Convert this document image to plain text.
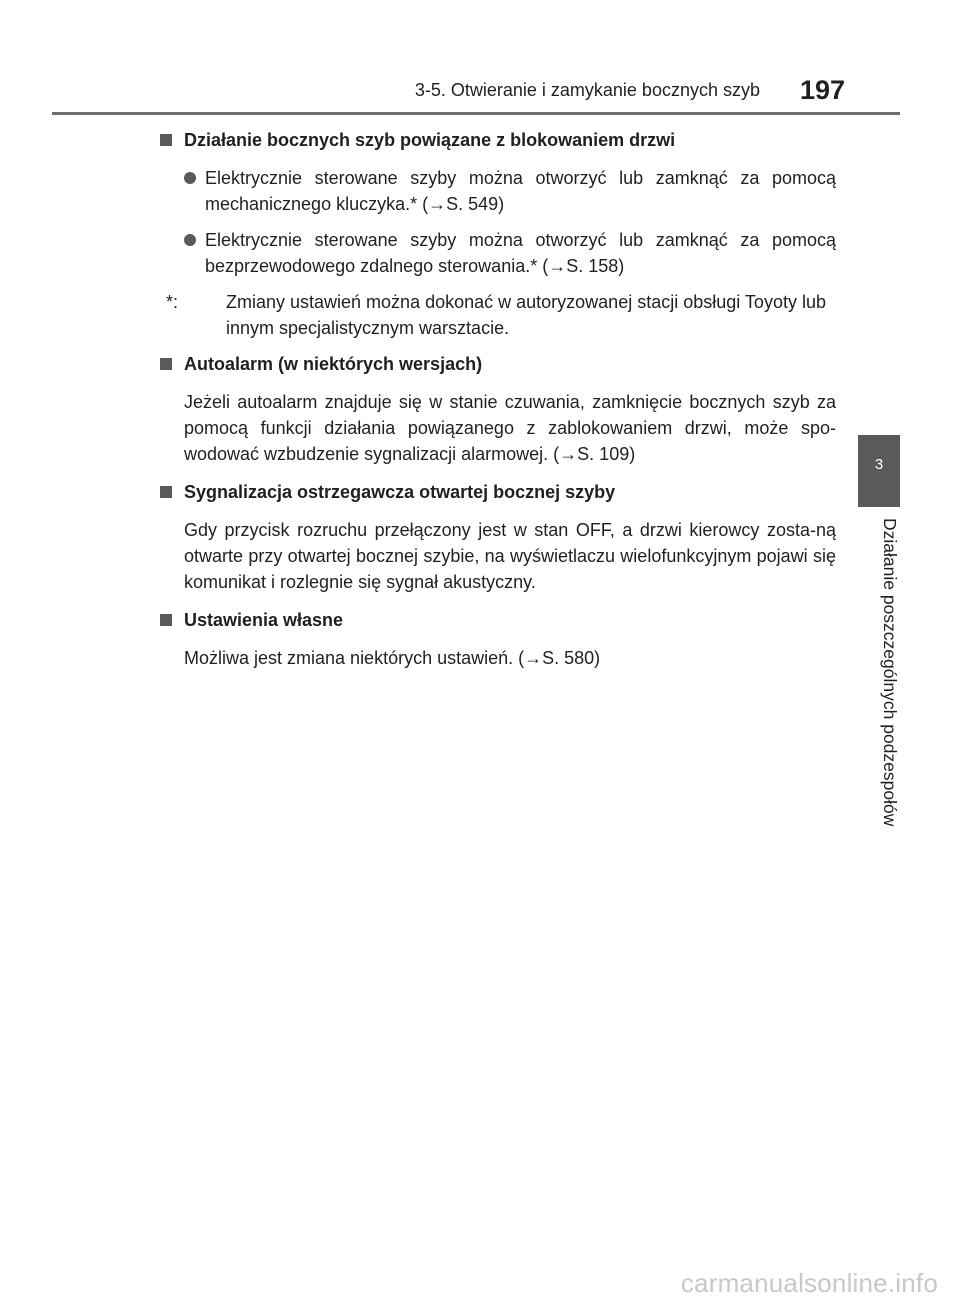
3-5. Otwieranie i zamykanie bocznych szyb 197
3
Działanie poszczególnych podzespołów
Działanie bocznych szyb powiązane z blokowaniem drzwi
Elektrycznie sterowane szyby można otworzyć lub zamknąć za pomocą mechanicznego kluczyka.* (→S. 549)
Elektrycznie sterowane szyby można otworzyć lub zamknąć za pomocą bezprzewodowego zdalnego sterowania.* (→S. 158)
*:	Zmiany ustawień można dokonać w autoryzowanej stacji obsługi Toyoty lub innym specjalistycznym warsztacie.
Autoalarm (w niektórych wersjach)
Jeżeli autoalarm znajduje się w stanie czuwania, zamknięcie bocznych szyb za pomocą funkcji działania powiązanego z zablokowaniem drzwi, może spo-wodować wzbudzenie sygnalizacji alarmowej. (→S. 109)
Sygnalizacja ostrzegawcza otwartej bocznej szyby
Gdy przycisk rozruchu przełączony jest w stan OFF, a drzwi kierowcy zosta-ną otwarte przy otwartej bocznej szybie, na wyświetlaczu wielofunkcyjnym pojawi się komunikat i rozlegnie się sygnał akustyczny.
Ustawienia własne
Możliwa jest zmiana niektórych ustawień. (→S. 580)
carmanualsonline.info
